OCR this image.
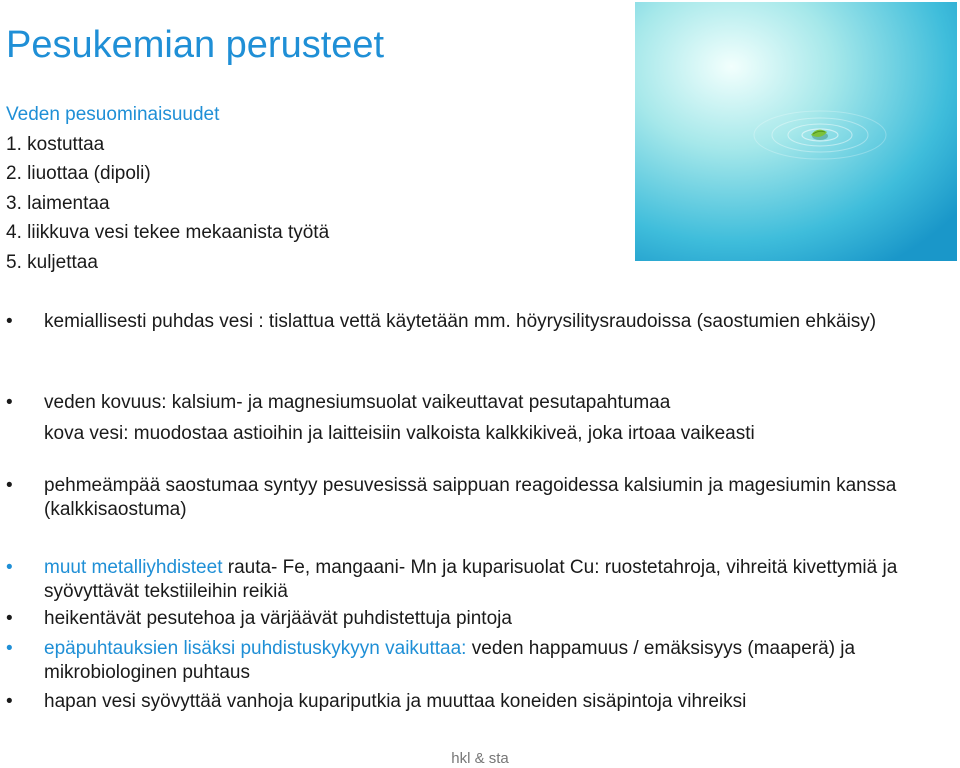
Pesukemian perusteet
Veden pesuominaisuudet
1. kostuttaa
2. liuottaa (dipoli)
3. laimentaa
4. liikkuva vesi tekee mekaanista työtä
5. kuljettaa

• kemiallisesti puhdas vesi : tislattua vettä käytetään mm. höyrysilitysraudoissa (saostumien ehkäisy)

• veden kovuus: kalsium- ja magnesiumsuolat vaikeuttavat pesutapahtumaa

kova vesi: muodostaa astioihin ja laitteisiin valkoista kalkkikiveä, joka irtoaa vaikeasti

• pehmeämpää saostumaa syntyy pesuvesissä saippuan reagoidessa kalsiumin ja magesiumin kanssa (kalkkisaostuma)

• muut metalliyhdisteet rauta- Fe, mangaani- Mn ja kuparisuolat Cu: ruostetahroja, vihreitä kivettymiä ja syövyttävät tekstiileihin reikiä

• heikentävät pesutehoa ja värjäävät puhdistettuja pintoja

• epäpuhtauksien lisäksi puhdistuskykyyn vaikuttaa: veden happamuus / emäksisyys (maaperä) ja mikrobiologinen puhtaus

• hapan vesi syövyttää vanhoja kupariputkia ja muuttaa koneiden sisäpintoja vihreiksi

hkl & sta
